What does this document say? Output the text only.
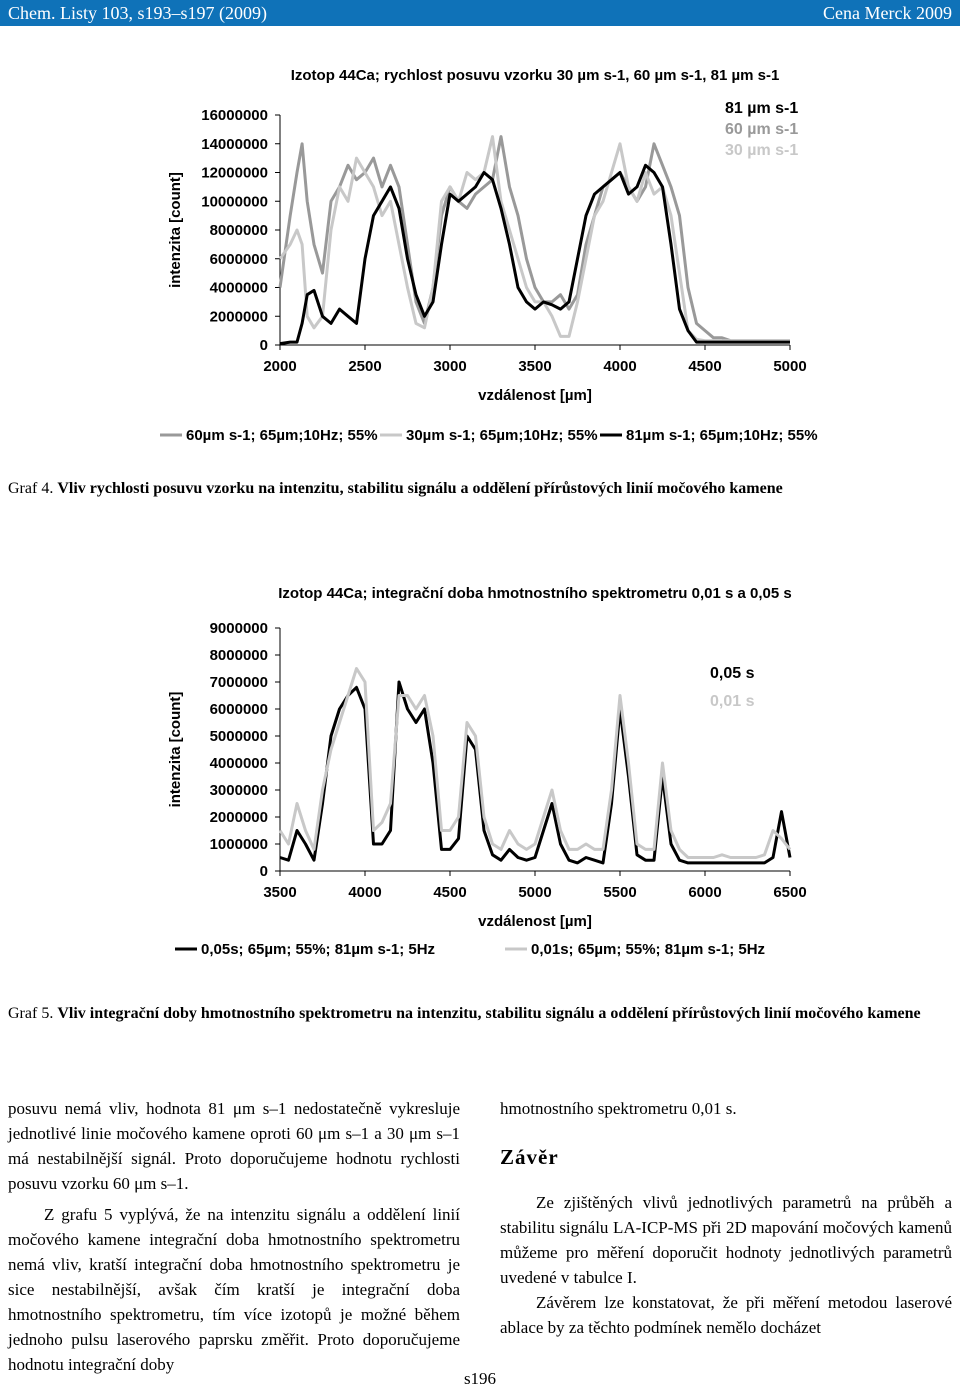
Chem. Listy 103, s193–s197 (2009)	Cena Merck 2009
Izotop 44Ca; rychlost posuvu vzorku 30 µm s-1, 60 µm s-1, 81 µm s-1
0
2000000
4000000
6000000
8000000
10000000
12000000
14000000
16000000
2000	2500	3000	3500	4000	4500	5000
vzdálenost [µm]
intenzita [count]
81 µm s-1
60 µm s-1
30 µm s-1
60µm s-1; 65µm;10Hz; 55% 30µm s-1; 65µm;10Hz; 55% 81µm s-1; 65µm;10Hz; 55%
Graf 4. Vliv rychlosti posuvu vzorku na intenzitu, stabilitu signálu a oddělení přírůstových linií močového kamene
Izotop 44Ca; integrační doba hmotnostního spektrometru 0,01 s a 0,05 s
0
1000000
2000000
3000000
4000000
5000000
6000000
7000000
8000000
9000000
3500	4000	4500	5000	5500	6000	6500
vzdálenost [µm]
intenzita [count]
0,05 s
0,01 s
0,05s; 65µm; 55%; 81µm s-1; 5Hz	0,01s; 65µm; 55%; 81µm s-1; 5Hz
Graf 5. Vliv integrační doby hmotnostního spektrometru na intenzitu, stabilitu signálu a oddělení přírůstových linií močového kamene

posuvu nemá vliv, hodnota 81 μm s–1 nedostatečně vykresluje jednotlivé linie močového kamene oproti 60 μm s–1 a 30 μm s–1 má nestabilnější signál. Proto doporučujeme hodnotu rychlosti posuvu vzorku 60 μm s–1.

Z grafu 5 vyplývá, že na intenzitu signálu a oddělení linií močového kamene integrační doba hmotnostního spektrometru nemá vliv, kratší integrační doba hmotnostního spektrometru je sice nestabilnější, avšak čím kratší je integrační doba hmotnostního spektrometru, tím více izotopů je možné během jednoho pulsu laserového paprsku změřit. Proto doporučujeme hodnotu integrační doby

hmotnostního spektrometru 0,01 s.

Závěr

Ze zjištěných vlivů jednotlivých parametrů na průběh a stabilitu signálu LA-ICP-MS při 2D mapování močových kamenů můžeme pro měření doporučit hodnoty jednotlivých parametrů uvedené v tabulce I.

Závěrem lze konstatovat, že při měření metodou laserové ablace by za těchto podmínek nemělo docházet

s196
